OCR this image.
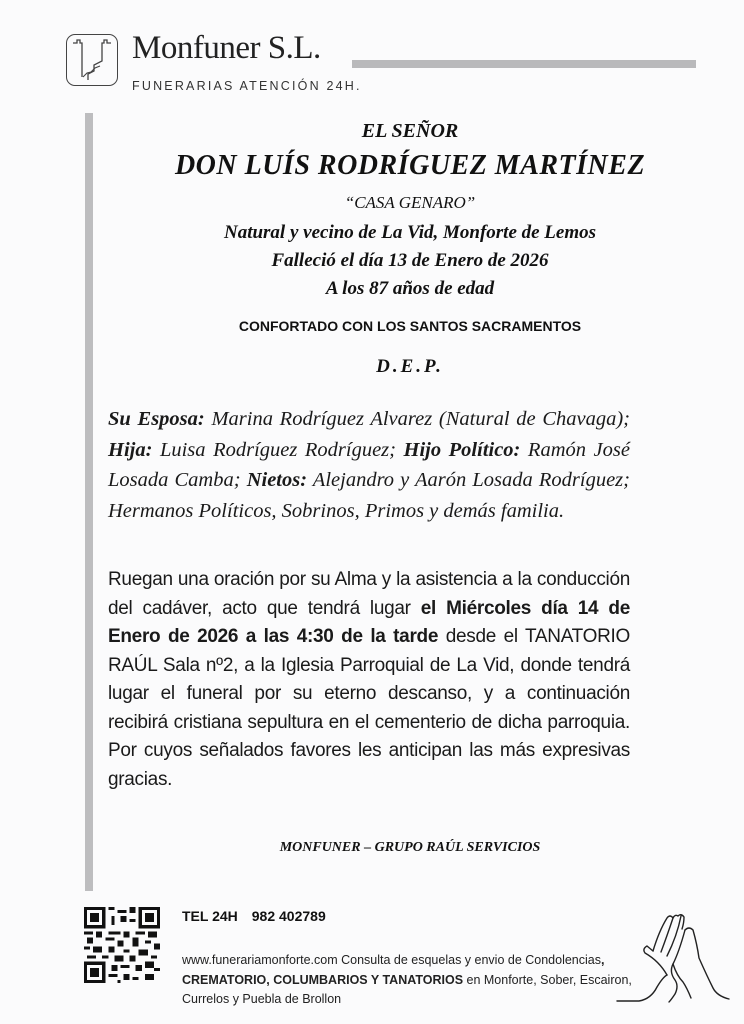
Monfuner S.L.
FUNERARIAS ATENCIÓN 24H.
EL SEÑOR
DON LUÍS RODRÍGUEZ MARTÍNEZ
“CASA GENARO”
Natural y vecino de La Vid, Monforte de Lemos
Falleció el día 13 de Enero de 2026
A los 87 años de edad
CONFORTADO CON LOS SANTOS SACRAMENTOS
D.E.P.
Su Esposa: Marina Rodríguez Alvarez (Natural de Chavaga); Hija: Luisa Rodríguez Rodríguez; Hijo Político: Ramón José Losada Camba; Nietos: Alejandro y Aarón Losada Rodríguez; Hermanos Políticos, Sobrinos, Primos y demás familia.
Ruegan una oración por su Alma y la asistencia a la conducción del cadáver, acto que tendrá lugar el Miércoles día 14 de Enero de 2026 a las 4:30 de la tarde desde el TANATORIO RAÚL Sala nº2, a la Iglesia Parroquial de La Vid, donde tendrá lugar el funeral por su eterno descanso, y a continuación recibirá cristiana sepultura en el cementerio de dicha parroquia. Por cuyos señalados favores les anticipan las más expresivas gracias.
MONFUNER – GRUPO RAÚL SERVICIOS
TEL 24H 982 402789
www.funerariamonforte.com Consulta de esquelas y envio de Condolencias, CREMATORIO, COLUMBARIOS Y TANATORIOS en Monforte, Sober, Escairon, Currelos y Puebla de Brollon
